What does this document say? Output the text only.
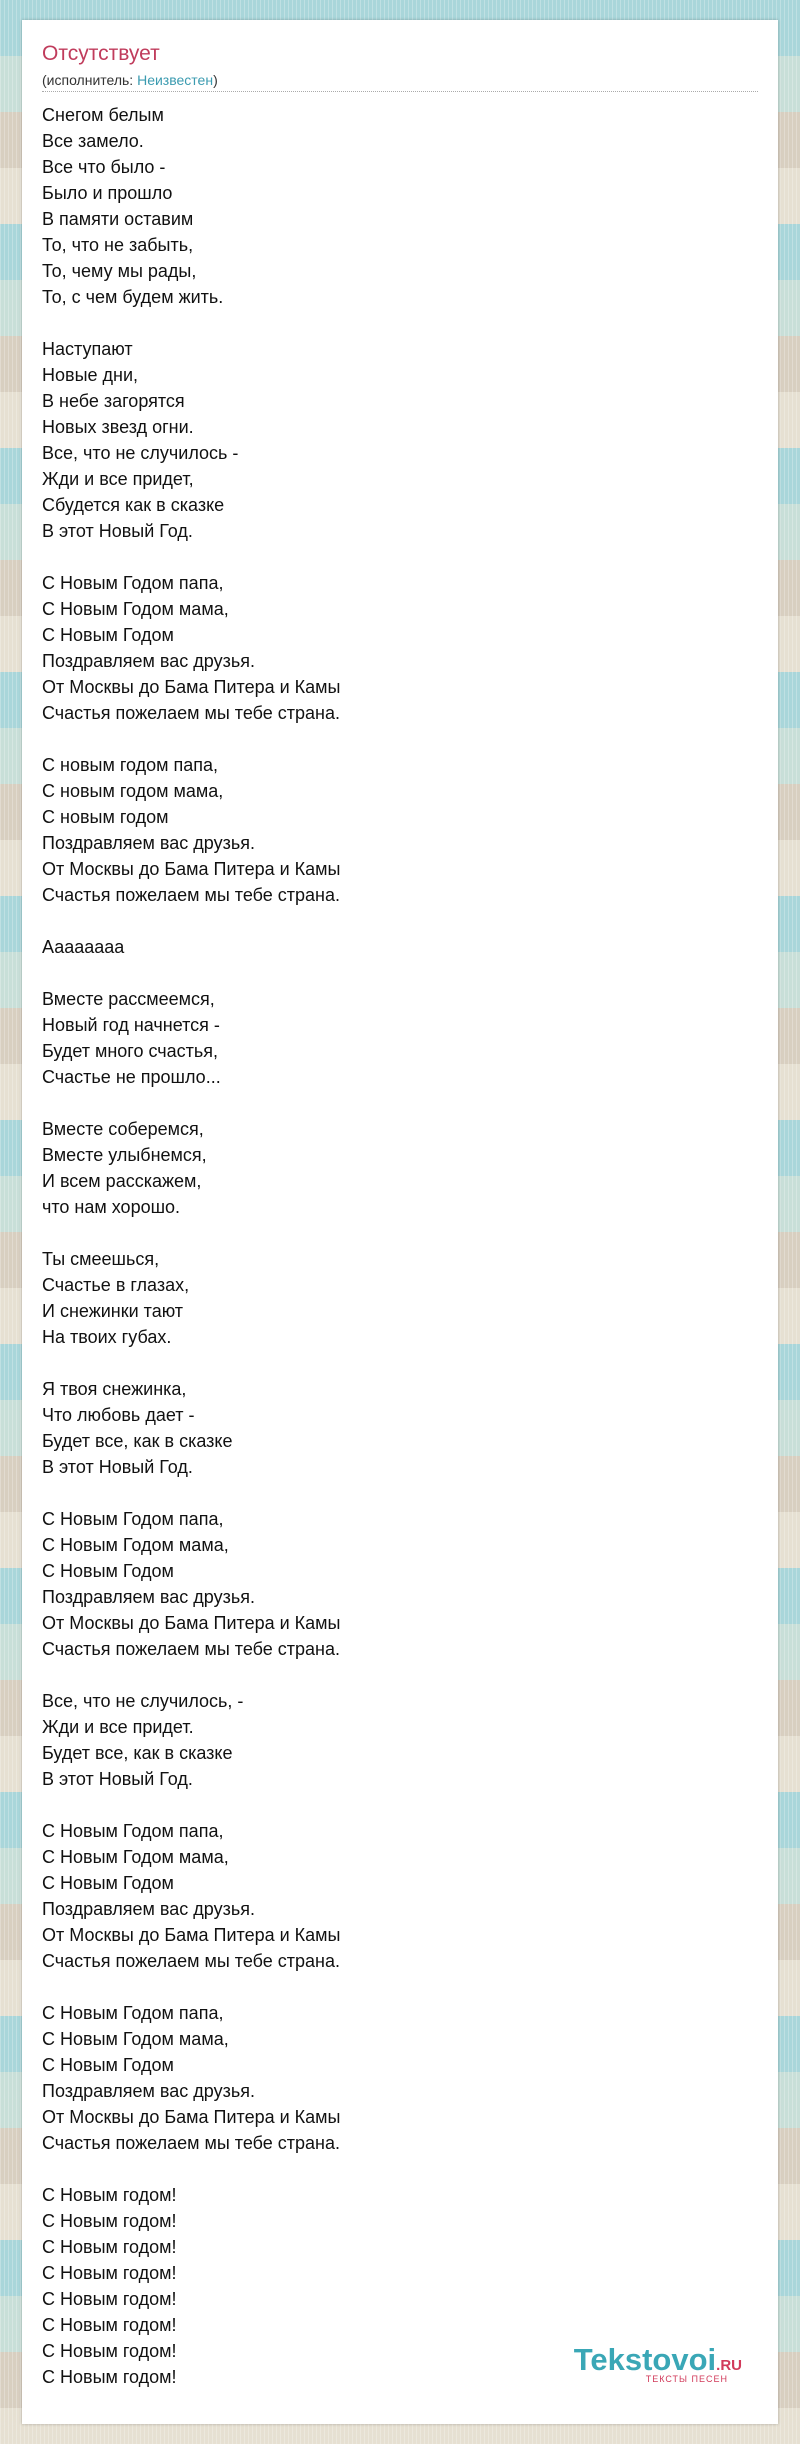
Отсутствует
(исполнитель: Неизвестен)
Снегом белым
Все замело.
Все что было -
Было и прошло
В памяти оставим
То, что не забыть,
То, чему мы рады,
То, с чем будем жить.
Наступают
Новые дни,
В небе загорятся
Новых звезд огни.
Все, что не случилось -
Жди и все придет,
Сбудется как в сказке
В этот Новый Год.
С Новым Годом папа,
С Новым Годом мама,
С Новым Годом
Поздравляем вас друзья.
От Москвы до Бама Питера и Камы
Счастья пожелаем мы тебе страна.
С новым годом папа,
С новым годом мама,
С новым годом
Поздравляем вас друзья.
От Москвы до Бама Питера и Камы
Счастья пожелаем мы тебе страна.
Ааааааaa
Вместе рассмеемся,
Новый год начнется -
Будет много счастья,
Счастье не прошло...
Вместе соберемся,
Вместе улыбнемся,
И всем расскажем,
что нам хорошо.
Ты смеешься,
Счастье в глазах,
И снежинки тают
На твоих губах.
Я твоя снежинка,
Что любовь дает -
Будет все, как в сказке
В этот Новый Год.
С Новым Годом папа,
С Новым Годом мама,
С Новым Годом
Поздравляем вас друзья.
От Москвы до Бама Питера и Камы
Счастья пожелаем мы тебе страна.
Все, что не случилось, -
Жди и все придет.
Будет все, как в сказке
В этот Новый Год.
С Новым Годом папа,
С Новым Годом мама,
С Новым Годом
Поздравляем вас друзья.
От Москвы до Бама Питера и Камы
Счастья пожелаем мы тебе страна.
С Новым Годом папа,
С Новым Годом мама,
С Новым Годом
Поздравляем вас друзья.
От Москвы до Бама Питера и Камы
Счастья пожелаем мы тебе страна.
С Новым годом!
С Новым годом!
С Новым годом!
С Новым годом!
С Новым годом!
С Новым годом!
С Новым годом!
С Новым годом!	Tekstovoi.RU
ТЕКСТЫ ПЕСЕН
